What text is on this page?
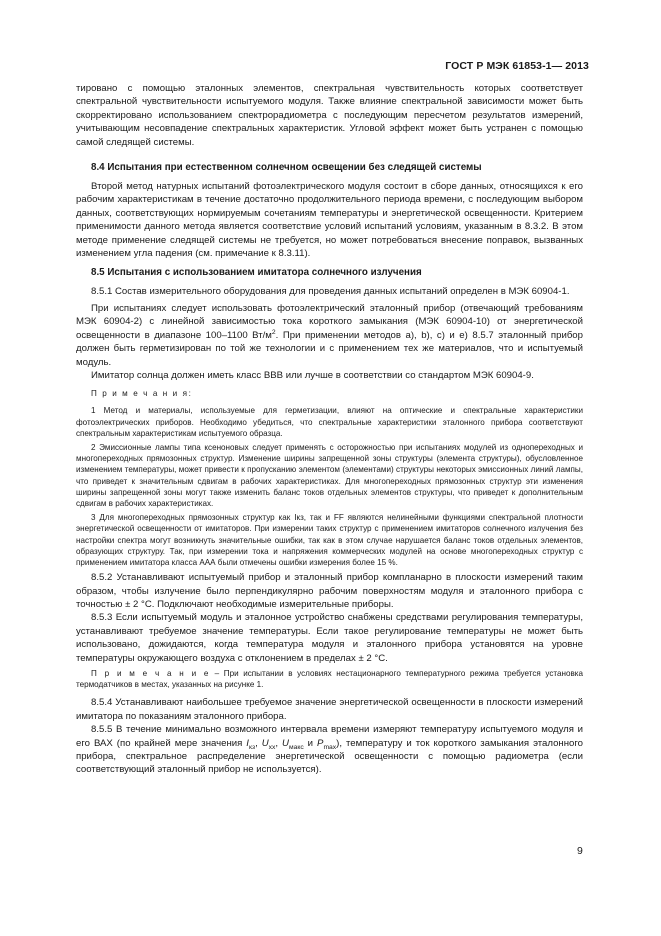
ГОСТ Р МЭК 61853-1— 2013

тировано с помощью эталонных элементов, спектральная чувствительность которых соответствует спектральной чувствительности испытуемого модуля. Также влияние спектральной зависимости может быть скорректировано использованием спектрорадиометра с последующим пересчетом результатов измерений, учитывающим несовпадение спектральных характеристик. Угловой эффект может быть устранен с помощью самой следящей системы.

8.4 Испытания при естественном солнечном освещении без следящей системы

Второй метод натурных испытаний фотоэлектрического модуля состоит в сборе данных, относящихся к его рабочим характеристикам в течение достаточно продолжительного периода времени, с последующим выбором данных, соответствующих нормируемым сочетаниям температуры и энергетической освещенности. Критерием применимости данного метода является соответствие условий испытаний условиям, указанным в 8.3.2. В этом методе применение следящей системы не требуется, но может потребоваться внесение поправок, вызванных изменением угла падения (см. примечание к 8.3.11).

8.5 Испытания с использованием имитатора солнечного излучения

8.5.1 Состав измерительного оборудования для проведения данных испытаний определен в МЭК 60904-1.

При испытаниях следует использовать фотоэлектрический эталонный прибор (отвечающий требованиям МЭК 60904-2) с линейной зависимостью тока короткого замыкания (МЭК 60904-10) от энергетической освещенности в диапазоне 100–1100 $Вт/м^2$. При применении методов a), b), c) и e) 8.5.7 эталонный прибор должен быть герметизирован по той же технологии и с применением тех же материалов, что и испытуемый модуль.

Имитатор солнца должен иметь класс ВВВ или лучше в соответствии со стандартом МЭК 60904-9.

П р и м е ч а н и я:

1 Метод и материалы, используемые для герметизации, влияют на оптические и спектральные характеристики фотоэлектрических приборов. Необходимо убедиться, что спектральные характеристики эталонного прибора соответствуют спектральным характеристикам испытуемого образца.

2 Эмиссионные лампы типа ксеноновых следует применять с осторожностью при испытаниях модулей из однопереходных и многопереходных прямозонных структур. Изменение ширины запрещенной зоны структуры (элемента структуры), обусловленное изменением температуры, может привести к пропусканию элементом (элементами) структуры некоторых эмиссионных линий лампы, что приведет к значительным сдвигам в рабочих характеристиках. Для многопереходных прямозонных структур эти изменения ширины запрещенной зоны могут также изменить баланс токов отдельных элементов структуры, что приведет к дополнительным сдвигам в рабочих характеристиках.

3 Для многопереходных прямозонных структур как Iкз, так и FF являются нелинейными функциями спектральной плотности энергетической освещенности от имитаторов. При измерении таких структур с применением имитаторов солнечного излучения без настройки спектра могут возникнуть значительные ошибки, так как в этом случае нарушается баланс токов отдельных элементов, образующих структуру. Так, при измерении тока и напряжения коммерческих модулей на основе многопереходных структур с применением имитатора класса ААА были отмечены ошибки измерения более 15 %.

8.5.2 Устанавливают испытуемый прибор и эталонный прибор компланарно в плоскости измерений таким образом, чтобы излучение было перпендикулярно рабочим поверхностям модуля и эталонного прибора с точностью ± 2 °С. Подключают необходимые измерительные приборы.

8.5.3 Если испытуемый модуль и эталонное устройство снабжены средствами регулирования температуры, устанавливают требуемое значение температуры. Если такое регулирование температуры не может быть использовано, дожидаются, когда температура модуля и эталонного прибора установятся на уровне температуры окружающего воздуха с отклонением в пределах ± 2 °С.

П р и м е ч а н и е – При испытании в условиях нестационарного температурного режима требуется установка термодатчиков в местах, указанных на рисунке 1.

8.5.4 Устанавливают наибольшее требуемое значение энергетической освещенности в плоскости измерений имитатора по показаниям эталонного прибора.

8.5.5 В течение минимально возможного интервала времени измеряют температуру испытуемого модуля и его ВАХ (по крайней мере значения $I_{кз}$, $U_{хх}$, $U_{макс}$ и $P_{max}$), температуру и ток короткого замыкания эталонного прибора, спектральное распределение энергетической освещенности с помощью радиометра (если соответствующий эталонный прибор не используется).

9
